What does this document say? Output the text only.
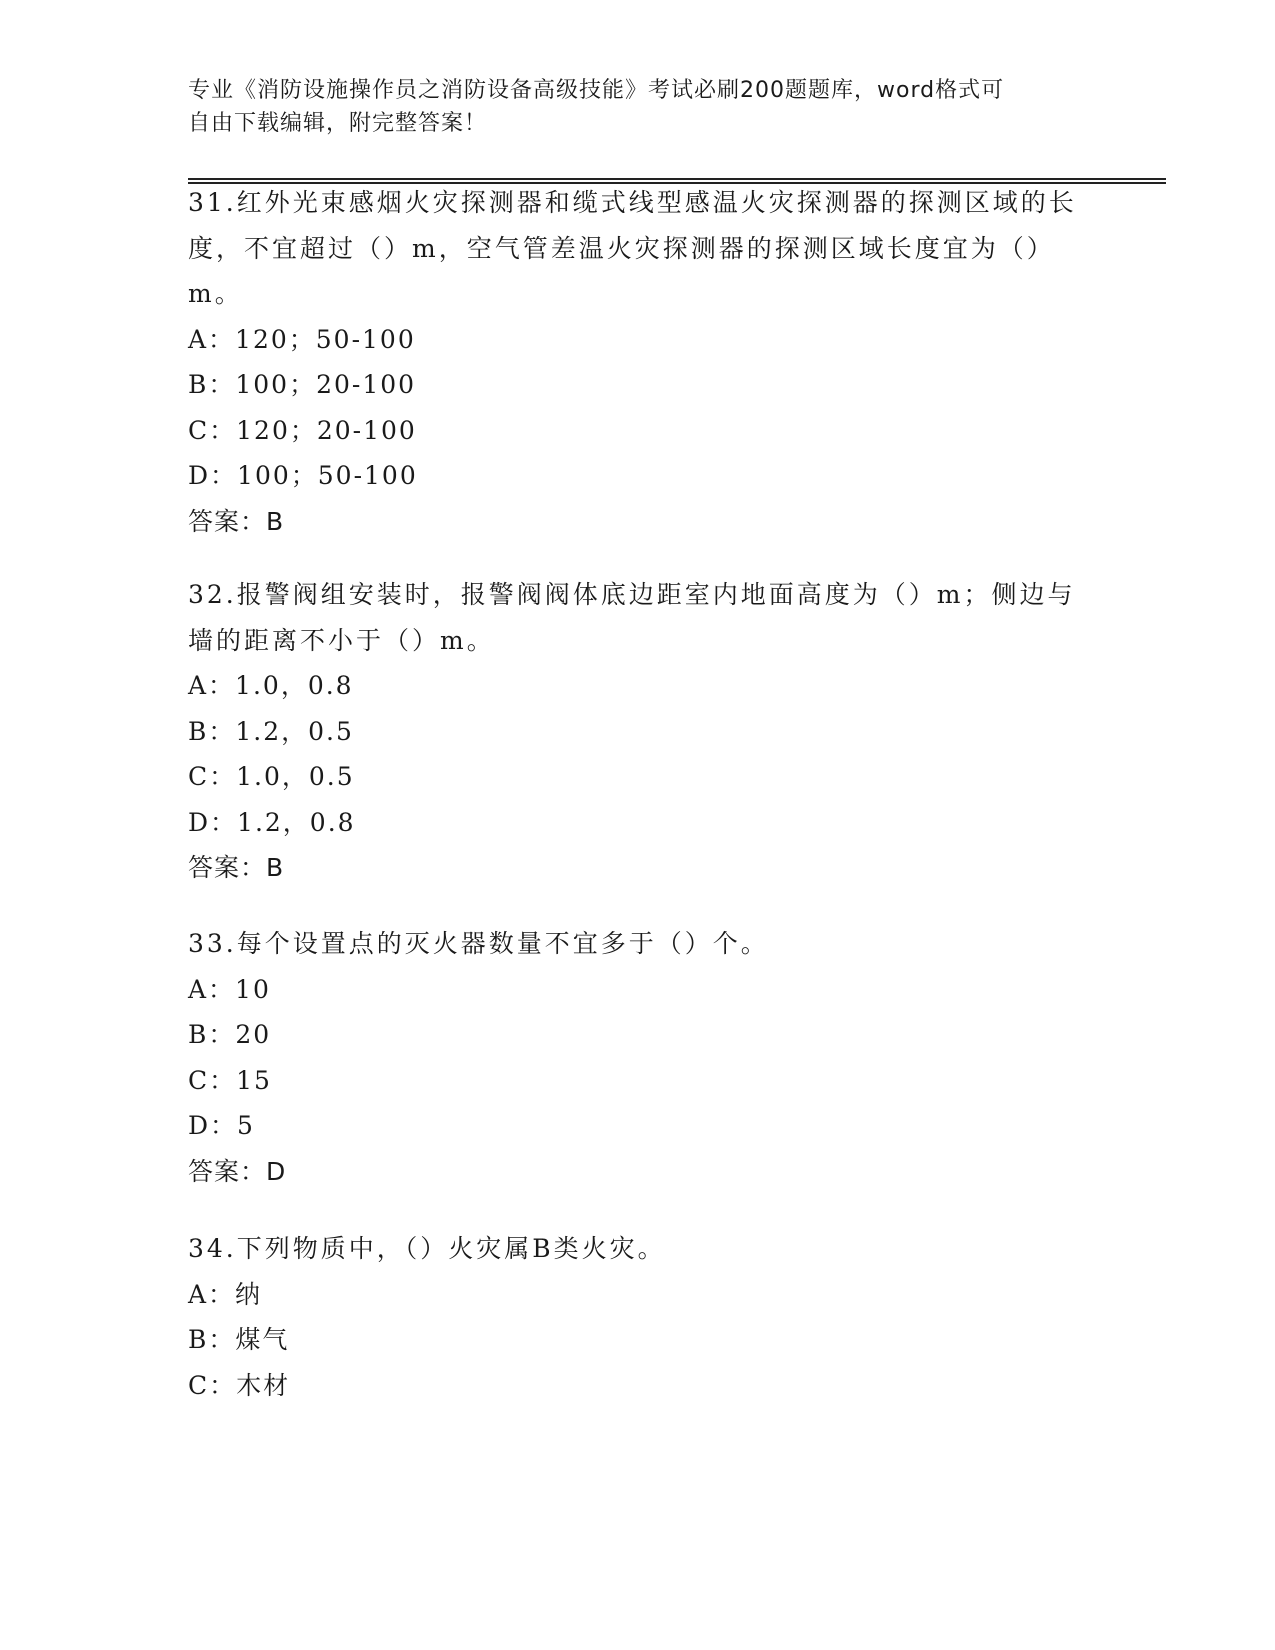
专业《消防设施操作员之消防设备高级技能》考试必刷200题题库，word格式可
自由下载编辑，附完整答案！
31.红外光束感烟火灾探测器和缆式线型感温火灾探测器的探测区域的长度，不宜超过（）m，空气管差温火灾探测器的探测区域长度宜为（）m。
A：120；50-100
B：100；20-100
C：120；20-100
D：100；50-100
答案：B
32.报警阀组安装时，报警阀阀体底边距室内地面高度为（）m；侧边与墙的距离不小于（）m。
A：1.0，0.8
B：1.2，0.5
C：1.0，0.5
D：1.2，0.8
答案：B
33.每个设置点的灭火器数量不宜多于（）个。
A：10
B：20
C：15
D：5
答案：D
34.下列物质中，（）火灾属B类火灾。
A：纳
B：煤气
C：木材
